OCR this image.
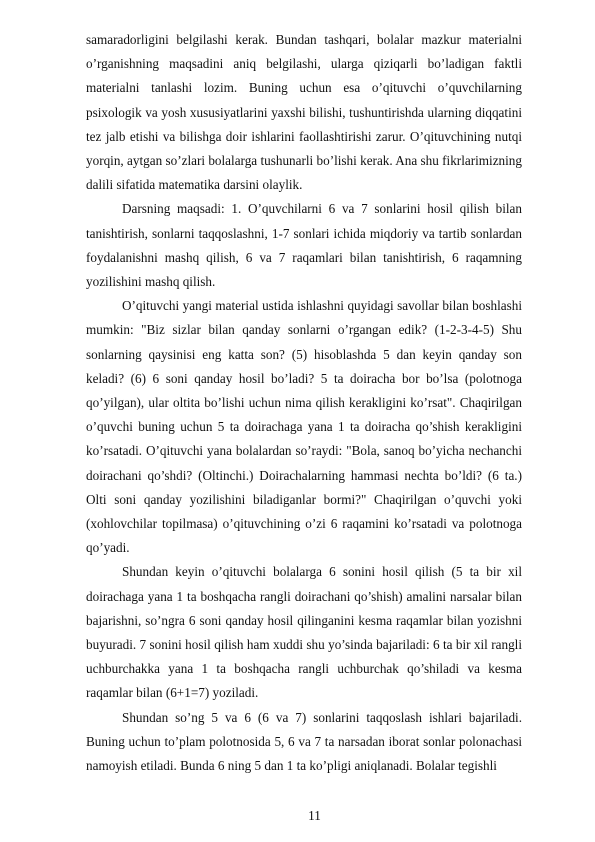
samaradorligini belgilashi kerak. Bundan tashqari, bolalar mazkur materialni o’rganishning maqsadini aniq belgilashi, ularga qiziqarli bo’ladigan faktli materialni tanlashi lozim. Buning uchun esa o’qituvchi o’quvchilarning psixologik va yosh xususiyatlarini yaxshi bilishi, tushuntirishda ularning diqqatini tez jalb etishi va bilishga doir ishlarini faollashtirishi zarur. O’qituvchining nutqi yorqin, aytgan so’zlari bolalarga tushunarli bo’lishi kerak. Ana shu fikrlarimizning dalili sifatida matematika darsini olaylik.

Darsning maqsadi: 1. O’quvchilarni 6 va 7 sonlarini hosil qilish bilan tanishtirish, sonlarni taqqoslashni, 1-7 sonlari ichida miqdoriy va tartib sonlardan foydalanishni mashq qilish, 6 va 7 raqamlari bilan tanishtirish, 6 raqamning yozilishini mashq qilish.

O’qituvchi yangi material ustida ishlashni quyidagi savollar bilan boshlashi mumkin: "Biz sizlar bilan qanday sonlarni o’rgangan edik? (1-2-3-4-5) Shu sonlarning qaysinisi eng katta son? (5) hisoblashda 5 dan keyin qanday son keladi? (6) 6 soni qanday hosil bo’ladi? 5 ta doiracha bor bo’lsa (polotnoga qo’yilgan), ular oltita bo’lishi uchun nima qilish kerakligini ko’rsat". Chaqirilgan o’quvchi buning uchun 5 ta doirachaga yana 1 ta doiracha qo’shish kerakligini ko’rsatadi. O’qituvchi yana bolalardan so’raydi: "Bola, sanoq bo’yicha nechanchi doirachani qo’shdi? (Oltinchi.) Doirachalarning hammasi nechta bo’ldi? (6 ta.) Olti soni qanday yozilishini biladiganlar bormi?" Chaqirilgan o’quvchi yoki (xohlovchilar topilmasa) o’qituvchining o’zi 6 raqamini ko’rsatadi va polotnoga qo’yadi.

Shundan keyin o’qituvchi bolalarga 6 sonini hosil qilish (5 ta bir xil doirachaga yana 1 ta boshqacha rangli doirachani qo’shish) amalini narsalar bilan bajarishni, so’ngra 6 soni qanday hosil qilinganini kesma raqamlar bilan yozishni buyuradi. 7 sonini hosil qilish ham xuddi shu yo’sinda bajariladi: 6 ta bir xil rangli uchburchakka yana 1 ta boshqacha rangli uchburchak qo’shiladi va kesma raqamlar bilan (6+1=7) yoziladi.

Shundan so’ng 5 va 6 (6 va 7) sonlarini taqqoslash ishlari bajariladi. Buning uchun to’plam polotnosida 5, 6 va 7 ta narsadan iborat sonlar polonachasi namoyish etiladi. Bunda 6 ning 5 dan 1 ta ko’pligi aniqlanadi. Bolalar tegishli

11
